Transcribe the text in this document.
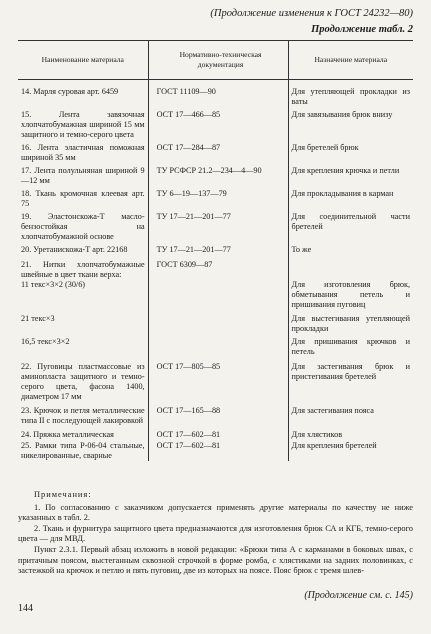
(Продолжение изменения к ГОСТ 24232—80)
Продолжение табл. 2
Наименование материала	Нормативно-техническая документация	Назначение материала
14. Марля суровая арт. 6459	ГОСТ 11109—90	Для утепляющей прокладки из ваты
15. Лента завязочная хлопчатобумажная шириной 15 мм защитного и темно-серого цвета	ОСТ 17—466—85	Для завязывания брюк внизу
16. Лента эластичная поможная шириной 35 мм	ОСТ 17—284—87	Для бретелей брюк
17. Лента полульняная шириной 9—12 мм	ТУ РСФСР 21.2—234—4—90	Для крепления крючка и петли
18. Ткань кромочная клеевая арт. 75	ТУ 6—19—137—79	Для прокладывания в карман
19. Эластонскожа-Т масло-бензостойкая на хлопчатобумажной основе	ТУ 17—21—201—77	Для соединительной части бретелей
20. Уретанискожа-Т арт. 22168	ТУ 17—21—201—77	То же
21. Нитки хлопчатобумажные швейные в цвет ткани верха:	ГОСТ 6309—87	
11 текс×3×2 (30/6)		Для изготовления брюк, обметывания петель и пришивания пуговиц
21 текс×3		Для выстегивания утепляющей прокладки
16,5 текс×3×2		Для пришивания крючков и петель
22. Пуговицы пластмассовые из аминопласта защитного и темно-серого цвета, фасона 1400, диаметром 17 мм	ОСТ 17—805—85	Для застегивания брюк и пристегивания бретелей
23. Крючок и петля металлические типа II с последующей лакировкой	ОСТ 17—165—88	Для застегивания пояса
24. Пряжка металлическая	ОСТ 17—602—81	Для хлястиков
25. Рамки типа Р-06-04 стальные, никелированные, сварные	ОСТ 17—602—81	Для крепления бретелей

Примечания:

1. По согласованию с заказчиком допускается применять другие материалы по качеству не ниже указанных в табл. 2.

2. Ткань и фурнитура защитного цвета предназначаются для изготовления брюк СА и КГБ, темно-серого цвета — для МВД.

Пункт 2.3.1. Первый абзац изложить в новой редакции: «Брюки типа А с карманами в боковых швах, с притачным поясом, выстеганным сквозной строчкой в форме ромба, с хлястиками на задних половинках, с застежкой на крючок и петлю и пять пуговиц, две из которых на поясе. Пояс брюк с тремя шлев-

(Продолжение см. с. 145)
144
